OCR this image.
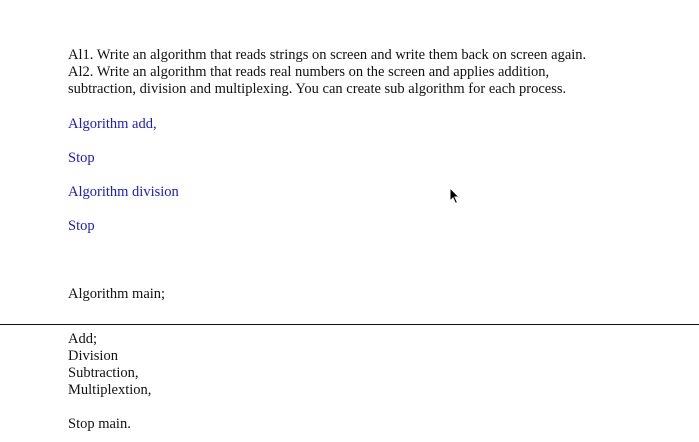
Al1. Write an algorithm that reads strings on screen and write them back on screen again.
Al2. Write an algorithm that reads real numbers on the screen and applies addition,
subtraction, division and multiplexing. You can create sub algorithm for each process.
Algorithm add,
Stop
Algorithm division
Stop
Algorithm main;
Add;
Division
Subtraction,
Multiplextion,
Stop main.
